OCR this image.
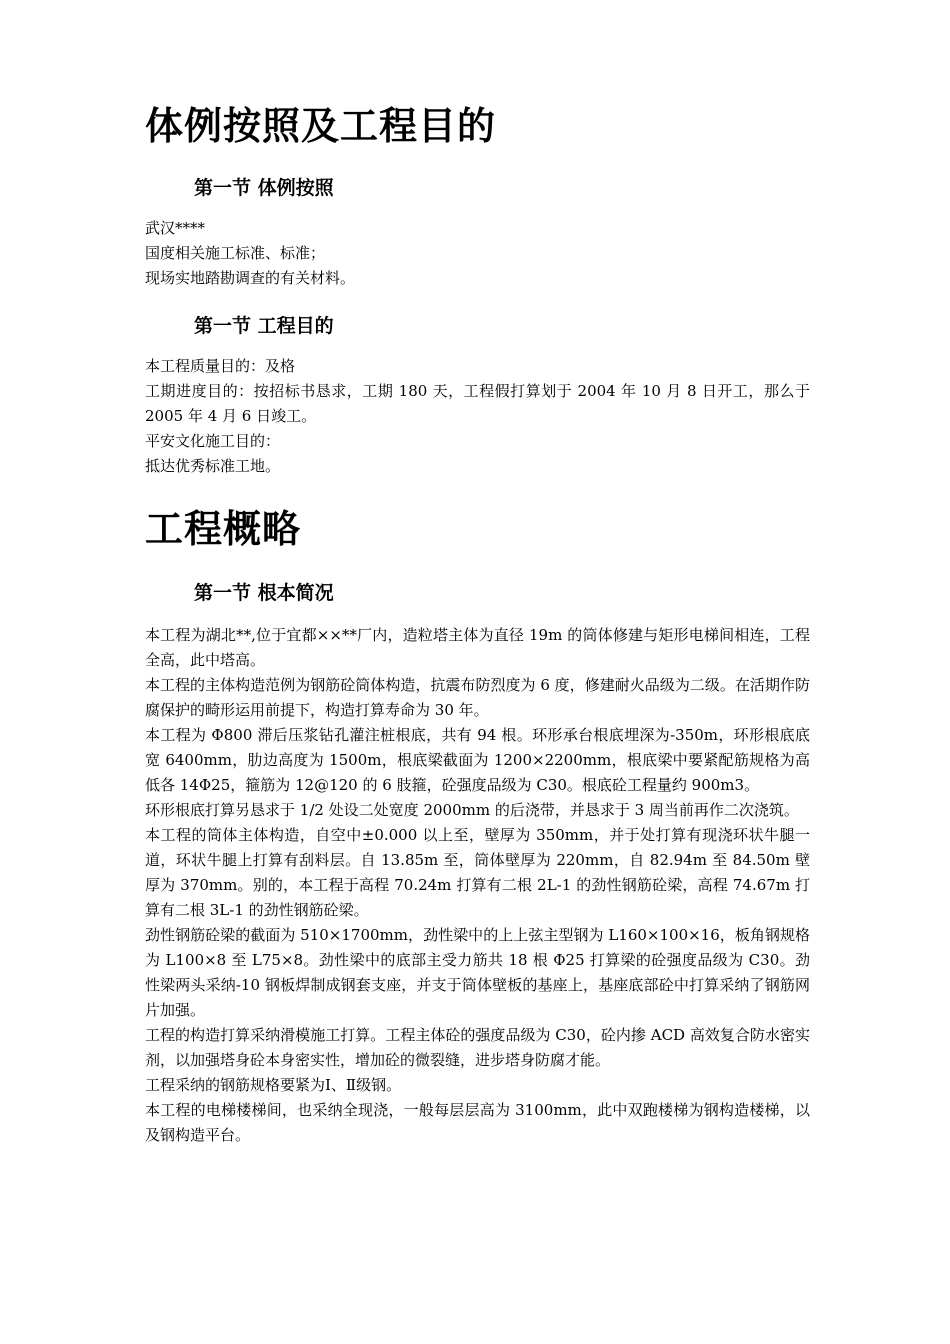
体例按照及工程目的
第一节 体例按照

武汉****

国度相关施工标准、标准；

现场实地踏勘调查的有关材料。

第一节 工程目的

本工程质量目的：及格

工期进度目的：按招标书恳求，工期 180 天，工程假打算划于 2004 年 10 月 8 日开工，那么于 2005 年 4 月 6 日竣工。

平安文化施工目的：

抵达优秀标准工地。

工程概略
第一节 根本简况

本工程为湖北**,位于宜都××**厂内，造粒塔主体为直径 19m 的筒体修建与矩形电梯间相连，工程全高，此中塔高。

本工程的主体构造范例为钢筋砼筒体构造，抗震布防烈度为 6 度，修建耐火品级为二级。在活期作防腐保护的畸形运用前提下，构造打算寿命为 30 年。

本工程为 Φ800 滞后压浆钻孔灌注桩根底，共有 94 根。环形承台根底埋深为-350m，环形根底底宽 6400mm，肋边高度为 1500m，根底梁截面为 1200×2200mm，根底梁中要紧配筋规格为高低各 14Φ25，箍筋为 12@120 的 6 肢箍，砼强度品级为 C30。根底砼工程量约 900m3。

环形根底打算另恳求于 1/2 处设二处宽度 2000mm 的后浇带，并恳求于 3 周当前再作二次浇筑。

本工程的筒体主体构造，自空中±0.000 以上至，壁厚为 350mm，并于处打算有现浇环状牛腿一道，环状牛腿上打算有刮料层。自 13.85m 至，筒体壁厚为 220mm，自 82.94m 至 84.50m 壁厚为 370mm。别的，本工程于高程 70.24m 打算有二根 2L-1 的劲性钢筋砼梁，高程 74.67m 打算有二根 3L-1 的劲性钢筋砼梁。

劲性钢筋砼梁的截面为 510×1700mm，劲性梁中的上上弦主型钢为 L160×100×16，板角钢规格为 L100×8 至 L75×8。劲性梁中的底部主受力筋共 18 根 Φ25 打算梁的砼强度品级为 C30。劲性梁两头采纳-10 钢板焊制成钢套支座，并支于筒体壁板的基座上，基座底部砼中打算采纳了钢筋网片加强。

工程的构造打算采纳滑模施工打算。工程主体砼的强度品级为 C30，砼内掺 ACD 高效复合防水密实剂，以加强塔身砼本身密实性，增加砼的微裂缝，进步塔身防腐才能。

工程采纳的钢筋规格要紧为Ⅰ、Ⅱ级钢。

本工程的电梯楼梯间，也采纳全现浇，一般每层层高为 3100mm，此中双跑楼梯为钢构造楼梯，以及钢构造平台。
